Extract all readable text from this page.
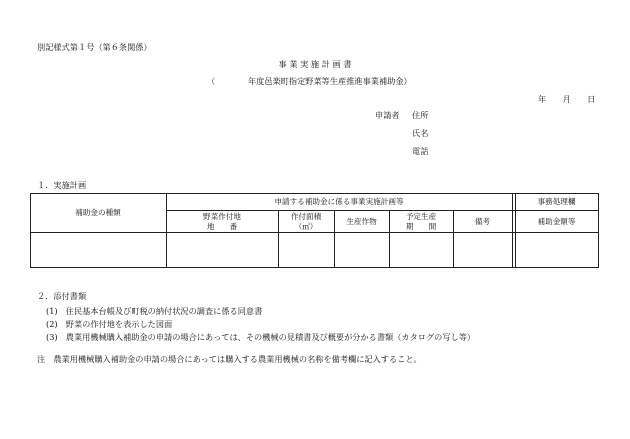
別記様式第１号（第６条関係）
事 業 実 施 計 画 書
（　　　　年度邑楽町指定野菜等生産推進事業補助金）
年　　月　　日
申請者 住所
氏名
電話
１．実施計画
補助金の種類
申請する補助金に係る事業実施計画等	事務処理欄
野菜作付地
地　　番
作付面積
（㎡）
生産作物
予定生産
期　　間
備考	補助金額等
２．添付書類
(1)　住民基本台帳及び町税の納付状況の調査に係る同意書
(2)　野菜の作付地を表示した図面
(3)　農業用機械購入補助金の申請の場合にあっては、その機械の見積書及び概要が分かる書類（カタログの写し等）
注　農業用機械購入補助金の申請の場合にあっては購入する農業用機械の名称を備考欄に記入すること。
